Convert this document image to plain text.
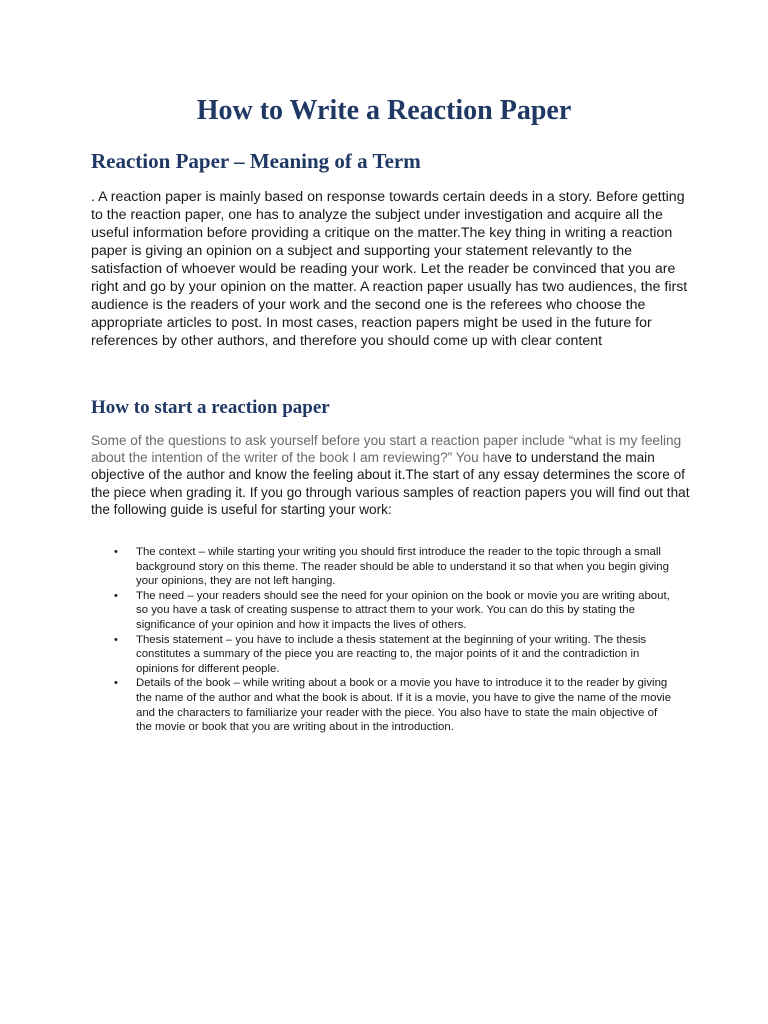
How to Write a Reaction Paper
Reaction Paper – Meaning of a Term

. A reaction paper is mainly based on response towards certain deeds in a story. Before getting to the reaction paper, one has to analyze the subject under investigation and acquire all the useful information before providing a critique on the matter.The key thing in writing a reaction paper is giving an opinion on a subject and supporting your statement relevantly to the satisfaction of whoever would be reading your work. Let the reader be convinced that you are right and go by your opinion on the matter. A reaction paper usually has two audiences, the first audience is the readers of your work and the second one is the referees who choose the appropriate articles to post. In most cases, reaction papers might be used in the future for references by other authors, and therefore you should come up with clear content

How to start a reaction paper

Some of the questions to ask yourself before you start a reaction paper include “what is my feeling about the intention of the writer of the book I am reviewing?” You have to understand the main objective of the author and know the feeling about it.The start of any essay determines the score of the piece when grading it. If you go through various samples of reaction papers you will find out that the following guide is useful for starting your work:

• The context – while starting your writing you should first introduce the reader to the topic through a small background story on this theme. The reader should be able to understand it so that when you begin giving your opinions, they are not left hanging.
• The need – your readers should see the need for your opinion on the book or movie you are writing about, so you have a task of creating suspense to attract them to your work. You can do this by stating the significance of your opinion and how it impacts the lives of others.
• Thesis statement – you have to include a thesis statement at the beginning of your writing. The thesis constitutes a summary of the piece you are reacting to, the major points of it and the contradiction in opinions for different people.
• Details of the book – while writing about a book or a movie you have to introduce it to the reader by giving the name of the author and what the book is about. If it is a movie, you have to give the name of the movie and the characters to familiarize your reader with the piece. You also have to state the main objective of the movie or book that you are writing about in the introduction.
